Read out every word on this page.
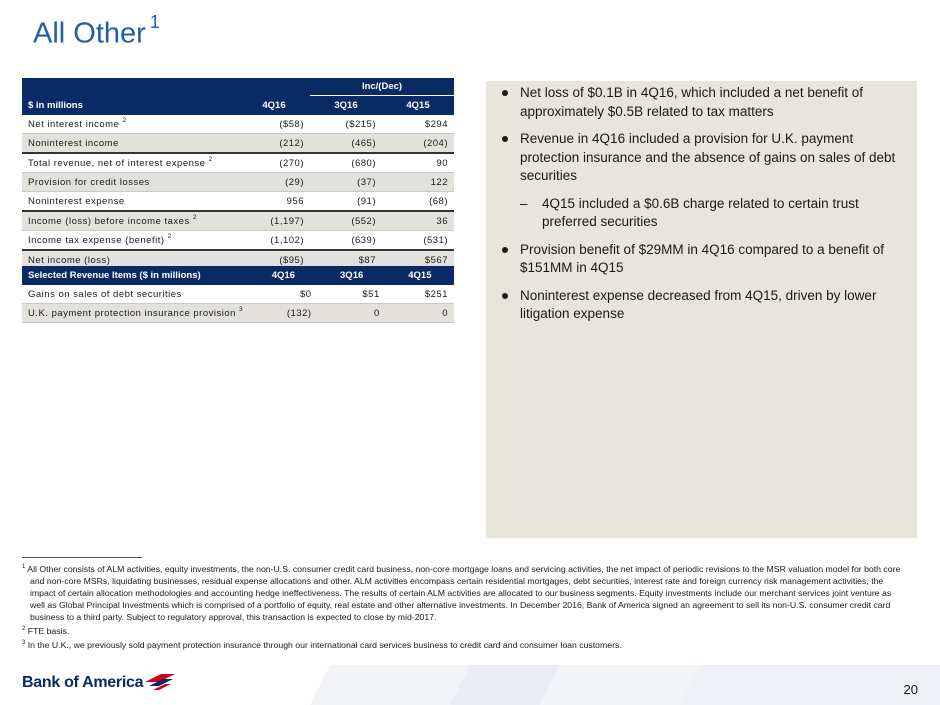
All Other $^1$
		Inc/(Dec)	
$ in millions	4Q16	3Q16	4Q15
Net interest income $^2$	($58)	($215)	$294
Noninterest income	(212)	(465)	(204)
Total revenue, net of interest expense $^2$	(270)	(680)	90
Provision for credit losses	(29)	(37)	122
Noninterest expense	956	(91)	(68)
Income (loss) before income taxes $^2$	(1,197)	(552)	36
Income tax expense (benefit) $^2$	(1,102)	(639)	(531)
Net income (loss)	($95)	$87	$567
Selected Revenue Items ($ in millions)	4Q16	3Q16	4Q15
Gains on sales of debt securities	$0	$51	$251
U.K. payment protection insurance provision $^3$	(132)	0	0
Net loss of $0.1B in 4Q16, which included a net benefit of approximately $0.5B related to tax matters
Revenue in 4Q16 included a provision for U.K. payment protection insurance and the absence of gains on sales of debt securities
– 4Q15 included a $0.6B charge related to certain trust preferred securities
Provision benefit of $29MM in 4Q16 compared to a benefit of $151MM in 4Q15
Noninterest expense decreased from 4Q15, driven by lower litigation expense

$^1$ All Other consists of ALM activities, equity investments, the non-U.S. consumer credit card business, non-core mortgage loans and servicing activities, the net impact of periodic revisions to the MSR valuation model for both core and non-core MSRs, liquidating businesses, residual expense allocations and other. ALM activities encompass certain residential mortgages, debt securities, interest rate and foreign currency risk management activities, the impact of certain allocation methodologies and accounting hedge ineffectiveness. The results of certain ALM activities are allocated to our business segments. Equity investments include our merchant services joint venture as well as Global Principal Investments which is comprised of a portfolio of equity, real estate and other alternative investments. In December 2016, Bank of America signed an agreement to sell its non-U.S. consumer credit card business to a third party. Subject to regulatory approval, this transaction is expected to close by mid-2017.

$^2$ FTE basis.

$^3$ In the U.K., we previously sold payment protection insurance through our international card services business to credit card and consumer loan customers.

Bank of America	20
